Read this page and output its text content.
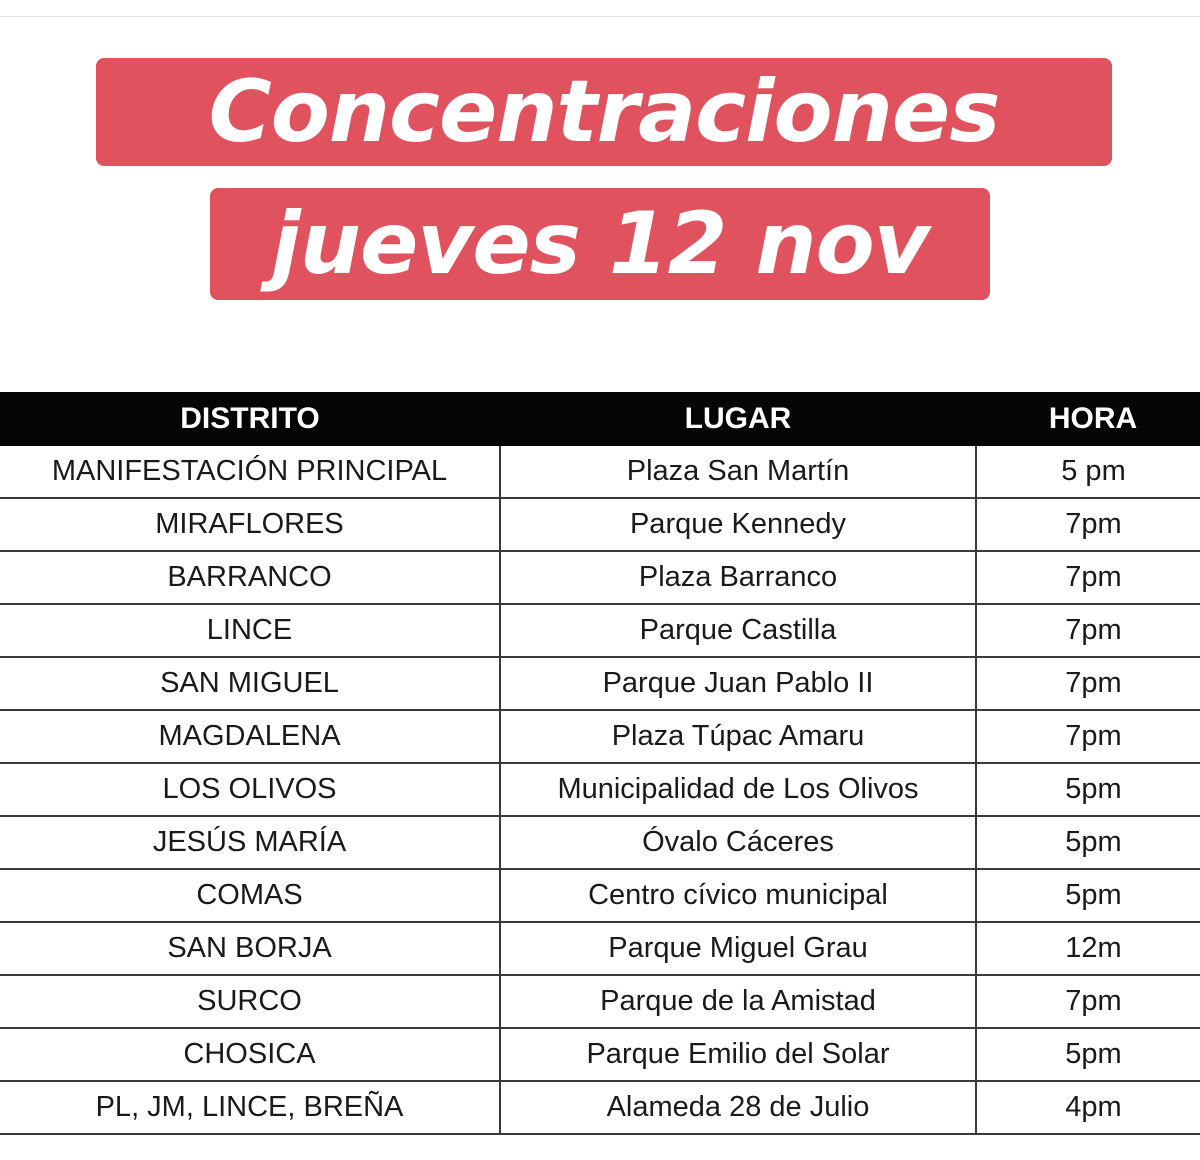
Concentraciones
jueves 12 nov
DISTRITO	LUGAR	HORA
MANIFESTACIÓN PRINCIPAL	Plaza San Martín	5 pm
MIRAFLORES	Parque Kennedy	7pm
BARRANCO	Plaza Barranco	7pm
LINCE	Parque Castilla	7pm
SAN MIGUEL	Parque Juan Pablo II	7pm
MAGDALENA	Plaza Túpac Amaru	7pm
LOS OLIVOS	Municipalidad de Los Olivos	5pm
JESÚS MARÍA	Óvalo Cáceres	5pm
COMAS	Centro cívico municipal	5pm
SAN BORJA	Parque Miguel Grau	12m
SURCO	Parque de la Amistad	7pm
CHOSICA	Parque Emilio del Solar	5pm
PL, JM, LINCE, BREÑA	Alameda 28 de Julio	4pm
